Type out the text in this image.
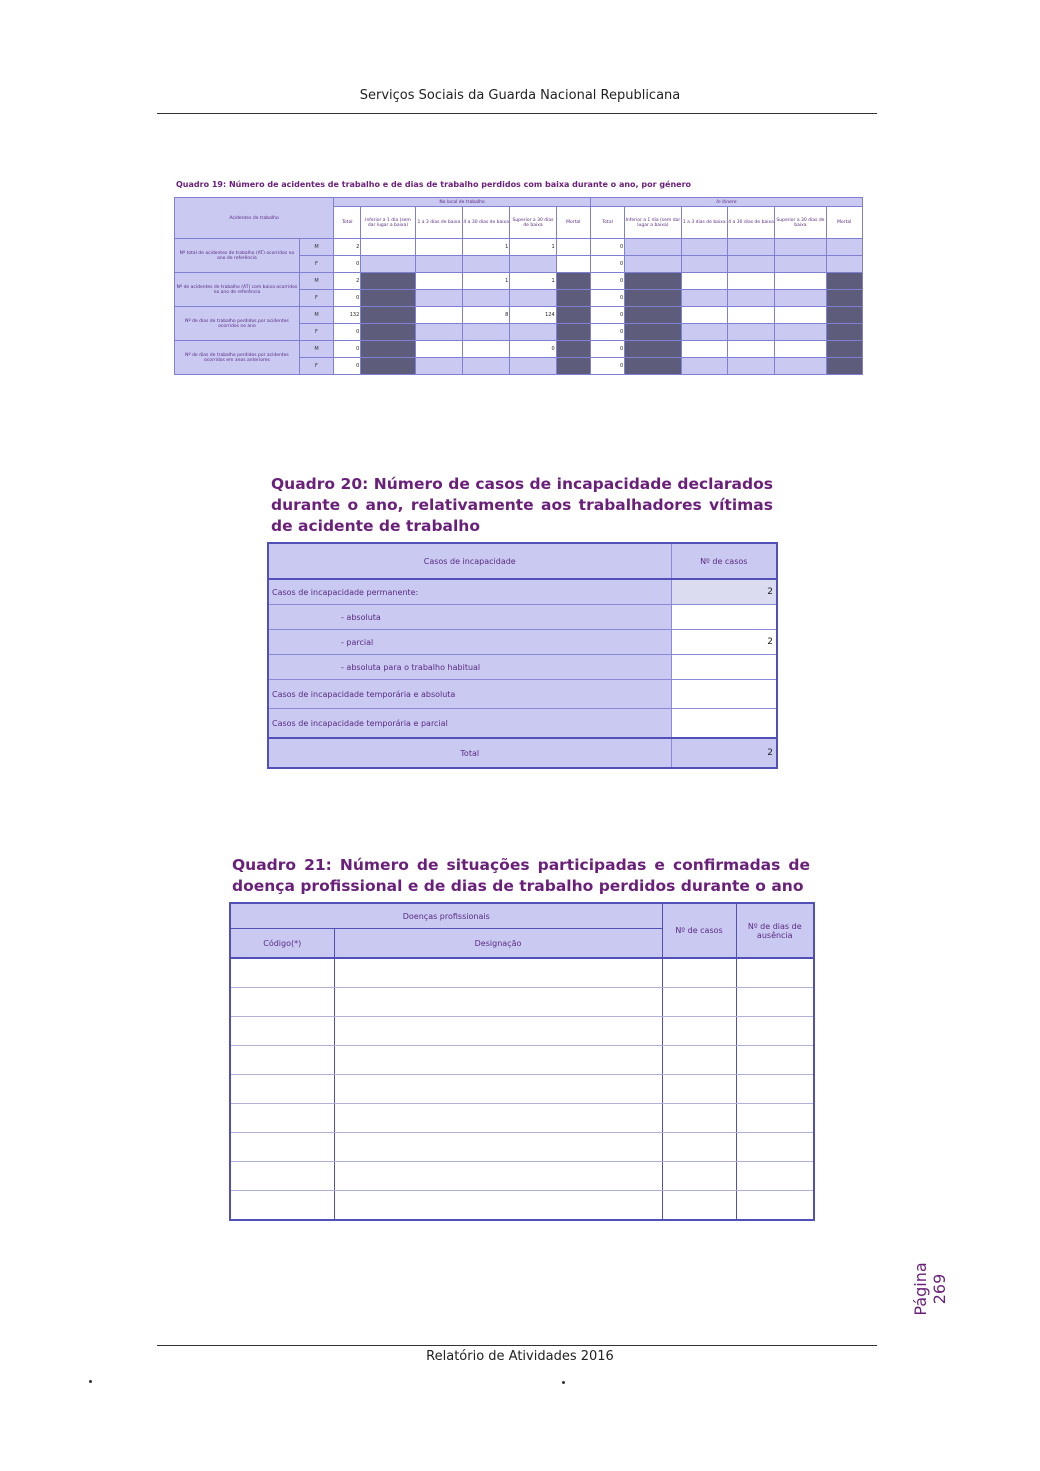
Serviços Sociais da Guarda Nacional Republicana
Quadro 19: Número de acidentes de trabalho e de dias de trabalho perdidos com baixa durante o ano, por género
Acidentes de trabalho		No local de trabalho						In itinere					
		Total	Inferior a 1 dia (sem dar lugar a baixa)	1 a 3 dias de baixa	4 a 30 dias de baixa	Superior a 30 dias de baixa	Mortal	Total	Inferior a 1 dia (sem dar lugar a baixa)	1 a 3 dias de baixa	4 a 30 dias de baixa	Superior a 30 dias de baixa	Mortal
Nº total de acidentes de trabalho (AT) ocorridos no ano de referência	M	2			1	1		0					
	F	0						0					
Nº de acidentes de trabalho (AT) com baixa ocorridos no ano de referência	M	2			1	1		0					
	F	0						0					
Nº de dias de trabalho perdidos por acidentes ocorridos no ano	M	132			8	124		0					
	F	0						0					
Nº de dias de trabalho perdidos por acidentes ocorridos em anos anteriores	M	0				0		0					
	F	0						0					
Quadro 20: Número de casos de incapacidade declarados durante o ano, relativamente aos trabalhadores vítimas de acidente de trabalho
Casos de incapacidade	Nº de casos
Casos de incapacidade permanente:	2
- absoluta	
- parcial	2
- absoluta para o trabalho habitual	
Casos de incapacidade temporária e absoluta	
Casos de incapacidade temporária e parcial	
Total	2
Quadro 21: Número de situações participadas e confirmadas de doença profissional e de dias de trabalho perdidos durante o ano
Doenças profissionais		Nº de casos	Nº de dias de ausência
Código(*)	Designação		

Página 269
Relatório de Atividades 2016
